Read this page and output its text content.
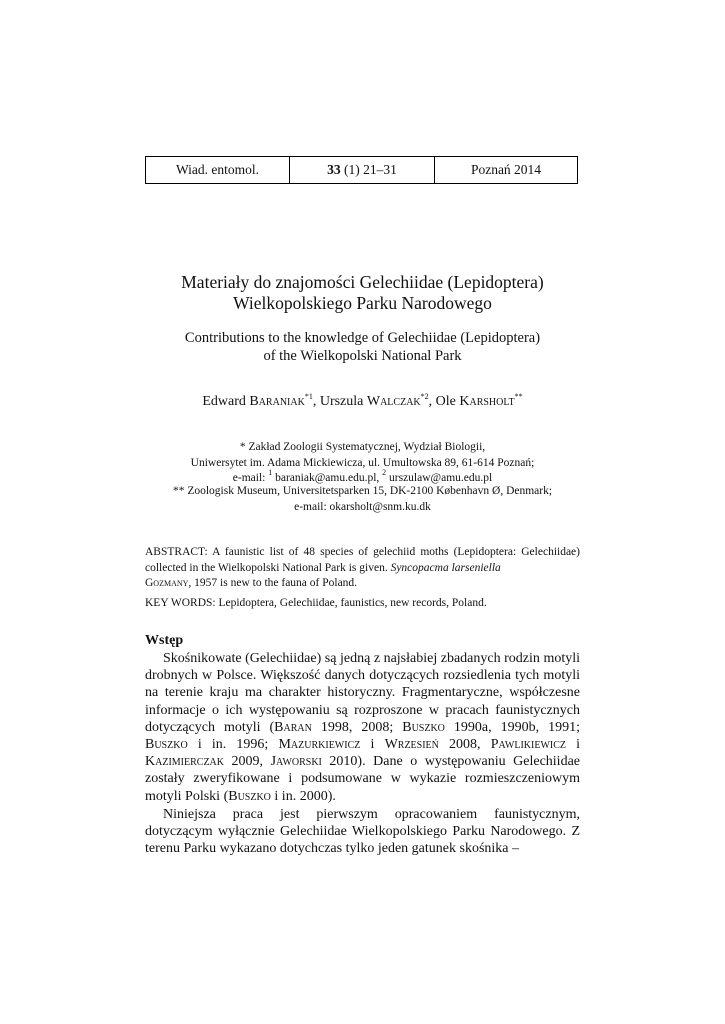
Wiad. entomol.	33
(1) 21–31	Poznań 2014
Materiały do znajomości Gelechiidae (Lepidoptera)
Wielkopolskiego Parku Narodowego
Contributions to the knowledge of Gelechiidae (Lepidoptera)
of the Wielkopolski National Park
Edward Baraniak$^{*1}$, Urszula Walczak$^{*2}$, Ole Karsholt**
* Zakład Zoologii Systematycznej, Wydział Biologii,
Uniwersytet im. Adama Mickiewicza, ul. Umultowska 89, 61-614 Poznań;
e-mail: $^1$ baraniak@amu.edu.pl, $^2$ urszulaw@amu.edu.pl
** Zoologisk Museum, Universitetsparken 15, DK-2100 København Ø, Denmark;
e-mail: okarsholt@snm.ku.dk
ABSTRACT: A faunistic list of 48 species of gelechiid moths (Lepidoptera: Gelechiidae) collected in the Wielkopolski National Park is given. Syncopacma larseniella
Gozmany, 1957 is new to the fauna of Poland.
KEY WORDS: Lepidoptera, Gelechiidae, faunistics, new records, Poland.
Wstęp

Skośnikowate (Gelechiidae) są jedną z najsłabiej zbadanych rodzin motyli drobnych w Polsce. Większość danych dotyczących rozsiedlenia tych motyli na terenie kraju ma charakter historyczny. Fragmentaryczne, współczesne informacje o ich występowaniu są rozproszone w pracach faunistycznych dotyczących motyli (Baran 1998, 2008; Buszko 1990a, 1990b, 1991; Buszko i in. 1996; Mazurkiewicz i Wrzesień 2008, Pawlikiewicz i Kazimierczak 2009, Jaworski 2010). Dane o występowaniu Gelechiidae zostały zweryfikowane i podsumowane w wykazie rozmieszczeniowym motyli Polski (Buszko i in. 2000).

Niniejsza praca jest pierwszym opracowaniem faunistycznym, dotyczącym wyłącznie Gelechiidae Wielkopolskiego Parku Narodowego. Z terenu Parku wykazano dotychczas tylko jeden gatunek skośnika –
